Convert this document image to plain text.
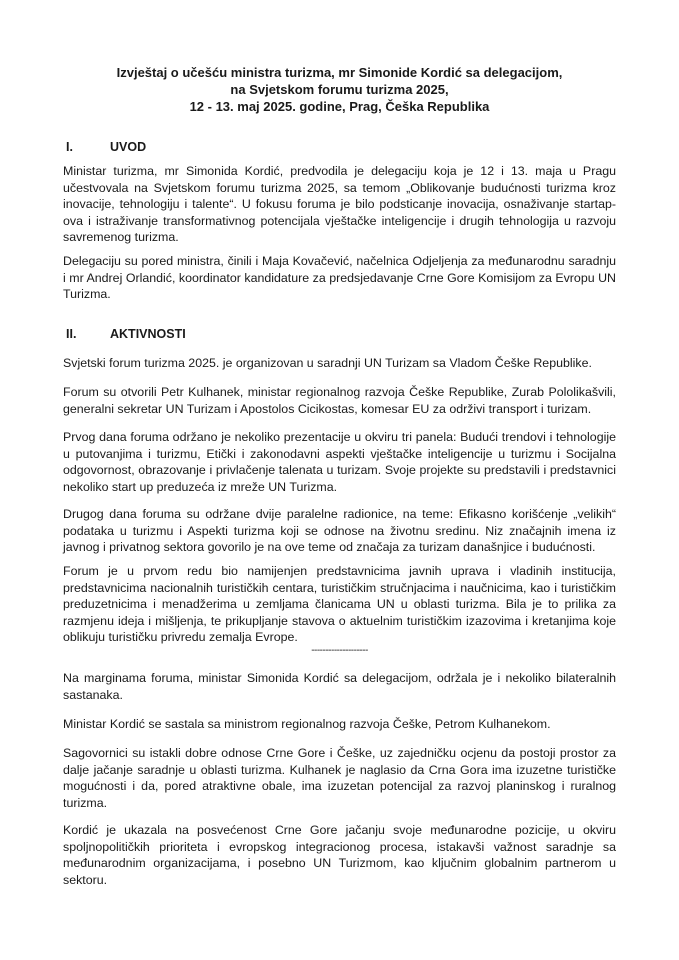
Izvještaj o učešću ministra turizma, mr Simonide Kordić sa delegacijom,
na Svjetskom forumu turizma 2025,
12 - 13. maj 2025. godine, Prag, Češka Republika
I.	UVOD

Ministar turizma, mr Simonida Kordić, predvodila je delegaciju koja je 12 i 13. maja u Pragu učestvovala na Svjetskom forumu turizma 2025, sa temom „Oblikovanje budućnosti turizma kroz inovacije, tehnologiju i talente“. U fokusu foruma je bilo podsticanje inovacija, osnaživanje startap-ova i istraživanje transformativnog potencijala vještačke inteligencije i drugih tehnologija u razvoju savremenog turizma.

Delegaciju su pored ministra, činili i Maja Kovačević, načelnica Odjeljenja za međunarodnu saradnju i mr Andrej Orlandić, koordinator kandidature za predsjedavanje Crne Gore Komisijom za Evropu UN Turizma.

II.	AKTIVNOSTI

Svjetski forum turizma 2025. je organizovan u saradnji UN Turizam sa Vladom Češke Republike.

Forum su otvorili Petr Kulhanek, ministar regionalnog razvoja Češke Republike, Zurab Pololikašvili, generalni sekretar UN Turizam i Apostolos Cicikostas, komesar EU za održivi transport i turizam.

Prvog dana foruma održano je nekoliko prezentacije u okviru tri panela: Budući trendovi i tehnologije u putovanjima i turizmu, Etički i zakonodavni aspekti vještačke inteligencije u turizmu i Socijalna odgovornost, obrazovanje i privlačenje talenata u turizam. Svoje projekte su predstavili i predstavnici nekoliko start up preduzeća iz mreže UN Turizma.

Drugog dana foruma su održane dvije paralelne radionice, na teme: Efikasno korišćenje „velikih“ podataka u turizmu i Aspekti turizma koji se odnose na životnu sredinu. Niz značajnih imena iz javnog i privatnog sektora govorilo je na ove teme od značaja za turizam današnjice i budućnosti.

Forum je u prvom redu bio namijenjen predstavnicima javnih uprava i vladinih institucija, predstavnicima nacionalnih turističkih centara, turističkim stručnjacima i naučnicima, kao i turističkim preduzetnicima i menadžerima u zemljama članicama UN u oblasti turizma. Bila je to prilika za razmjenu ideja i mišljenja, te prikupljanje stavova o aktuelnim turističkim izazovima i kretanjima koje oblikuju turističku privredu zemalja Evrope.

--------------------

Na marginama foruma, ministar Simonida Kordić sa delegacijom, održala je i nekoliko bilateralnih sastanaka.

Ministar Kordić se sastala sa ministrom regionalnog razvoja Češke, Petrom Kulhanekom.

Sagovornici su istakli dobre odnose Crne Gore i Češke, uz zajedničku ocjenu da postoji prostor za dalje jačanje saradnje u oblasti turizma. Kulhanek je naglasio da Crna Gora ima izuzetne turističke mogućnosti i da, pored atraktivne obale, ima izuzetan potencijal za razvoj planinskog i ruralnog turizma.

Kordić je ukazala na posvećenost Crne Gore jačanju svoje međunarodne pozicije, u okviru spoljnopolitičkih prioriteta i evropskog integracionog procesa, istakavši važnost saradnje sa međunarodnim organizacijama, i posebno UN Turizmom, kao ključnim globalnim partnerom u sektoru.
